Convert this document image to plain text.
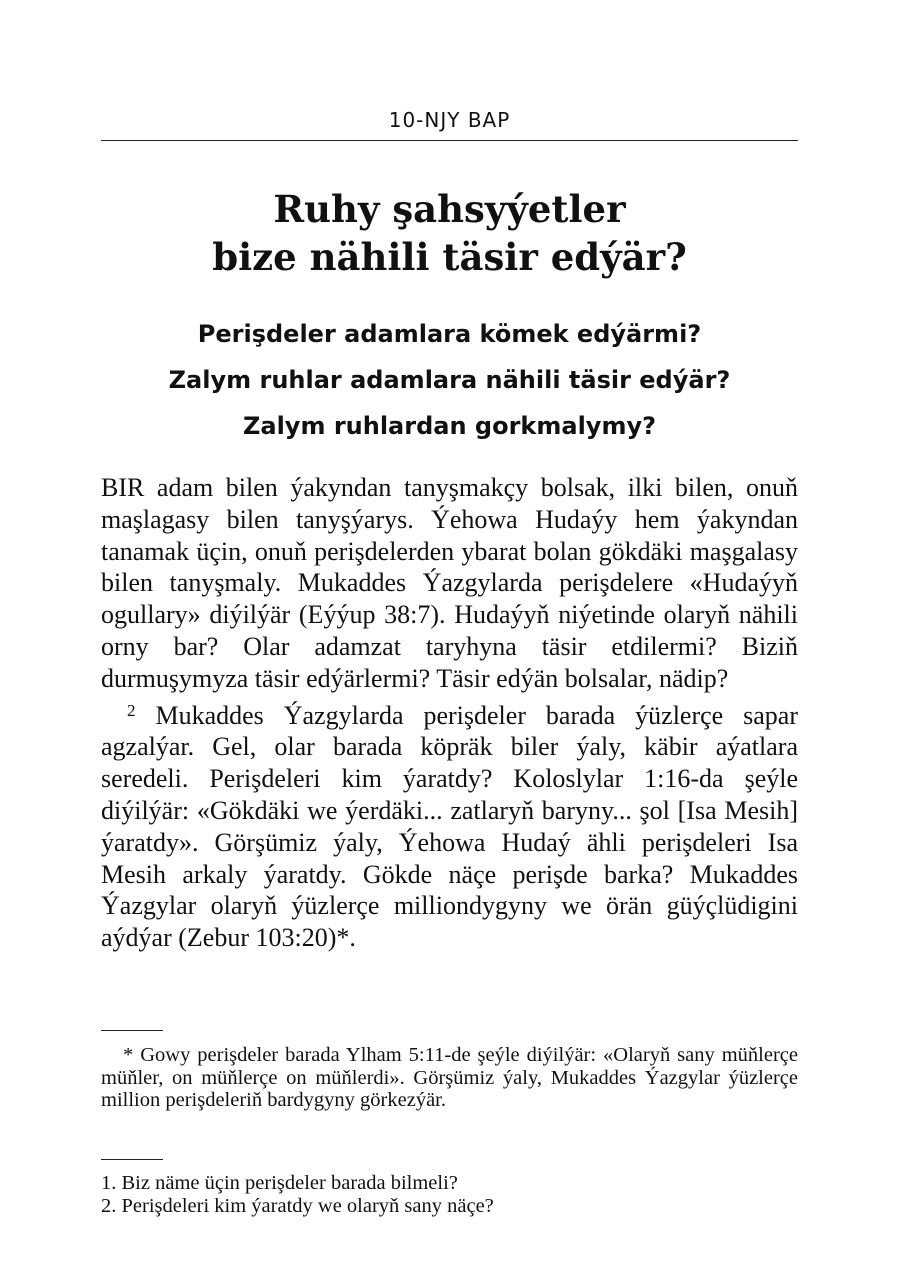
10-NJY BAP
Ruhy şahsyýetler
bize nähili täsir edýär?
Perişdeler adamlara kömek edýärmi?
Zalym ruhlar adamlara nähili täsir edýär?
Zalym ruhlardan gorkmalymy?

BIR adam bilen ýakyndan tanyşmakçy bolsak, ilki bilen, onuň maşlagasy bilen tanyşýarys. Ýehowa Hudaýy hem ýakyndan tanamak üçin, onuň perişdelerden ybarat bolan gökdäki maşgalasy bilen tanyşmaly. Mukaddes Ýazgylarda perişdelere «Hudaýyň ogullary» diýilýär (Eýýup 38:7). Hudaýyň niýetinde olaryň nähili orny bar? Olar adamzat taryhyna täsir etdilermi? Biziň durmuşymyza täsir edýärlermi? Täsir edýän bolsalar, nädip?

$^2$ Mukaddes Ýazgylarda perişdeler barada ýüzlerçe sapar agzalýar. Gel, olar barada köpräk biler ýaly, käbir aýatlara seredeli. Perişdeleri kim ýaratdy? Koloslylar 1:16-da şeýle diýilýär: «Gökdäki we ýerdäki... zatlaryň baryny... şol [Isa Mesih] ýaratdy». Görşümiz ýaly, Ýehowa Hudaý ähli perişdeleri Isa Mesih arkaly ýaratdy. Gökde näçe perişde barka? Mukaddes Ýazgylar olaryň ýüzlerçe milliondygyny we örän güýçlüdigini aýdýar (Zebur 103:20)*.

* Gowy perişdeler barada Ylham 5:11-de şeýle diýilýär: «Olaryň sany müňlerçe müňler, on müňlerçe on müňlerdi». Görşümiz ýaly, Mukaddes Ýazgylar ýüzlerçe million perişdeleriň bardygyny görkezýär.
1. Biz näme üçin perişdeler barada bilmeli?
2. Perişdeleri kim ýaratdy we olaryň sany näçe?
